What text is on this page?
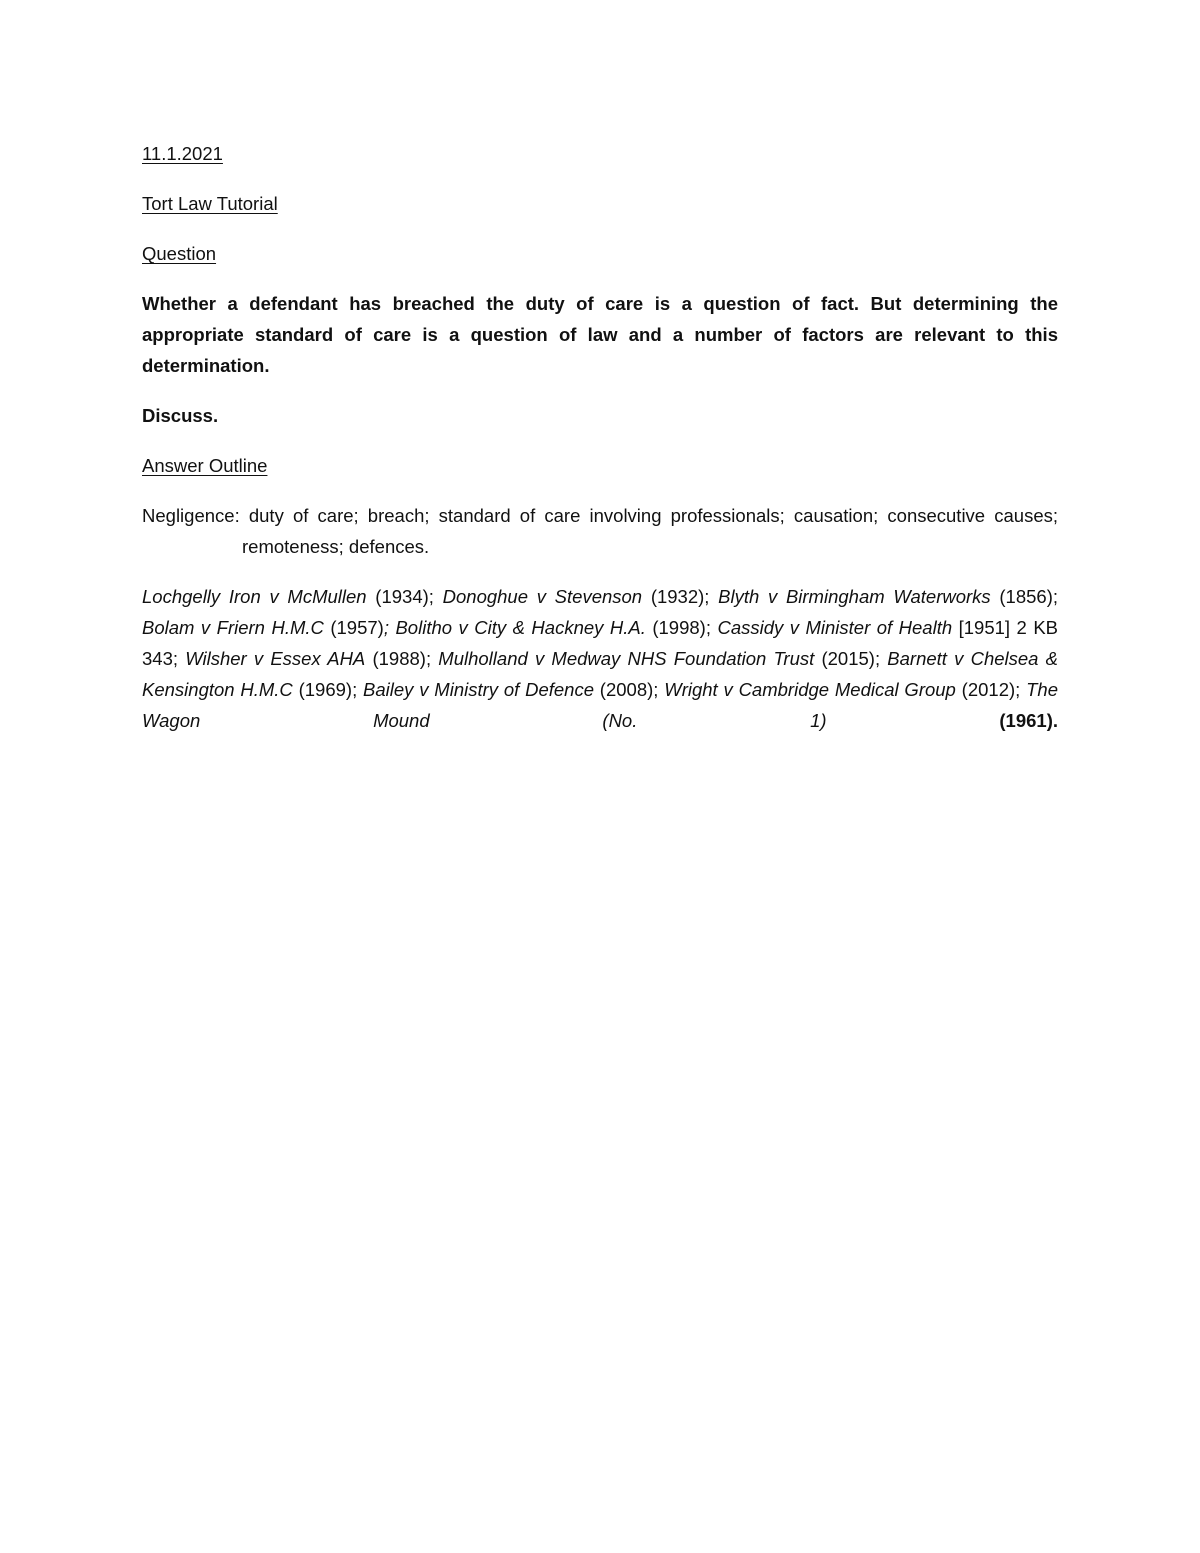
11.1.2021

Tort Law Tutorial

Question

Whether a defendant has breached the duty of care is a question of fact. But determining the appropriate standard of care is a question of law and a number of factors are relevant to this determination.

Discuss.

Answer Outline

Negligence: duty of care; breach; standard of care involving professionals; causation; consecutive causes; remoteness; defences.

Lochgelly Iron v McMullen (1934); Donoghue v Stevenson (1932); Blyth v Birmingham Waterworks (1856); Bolam v Friern H.M.C (1957); Bolitho v City & Hackney H.A. (1998); Cassidy v Minister of Health [1951] 2 KB 343; Wilsher v Essex AHA (1988); Mulholland v Medway NHS Foundation Trust (2015); Barnett v Chelsea & Kensington H.M.C (1969); Bailey v Ministry of Defence (2008); Wright v Cambridge Medical Group (2012); The Wagon Mound (No. 1) (1961).
